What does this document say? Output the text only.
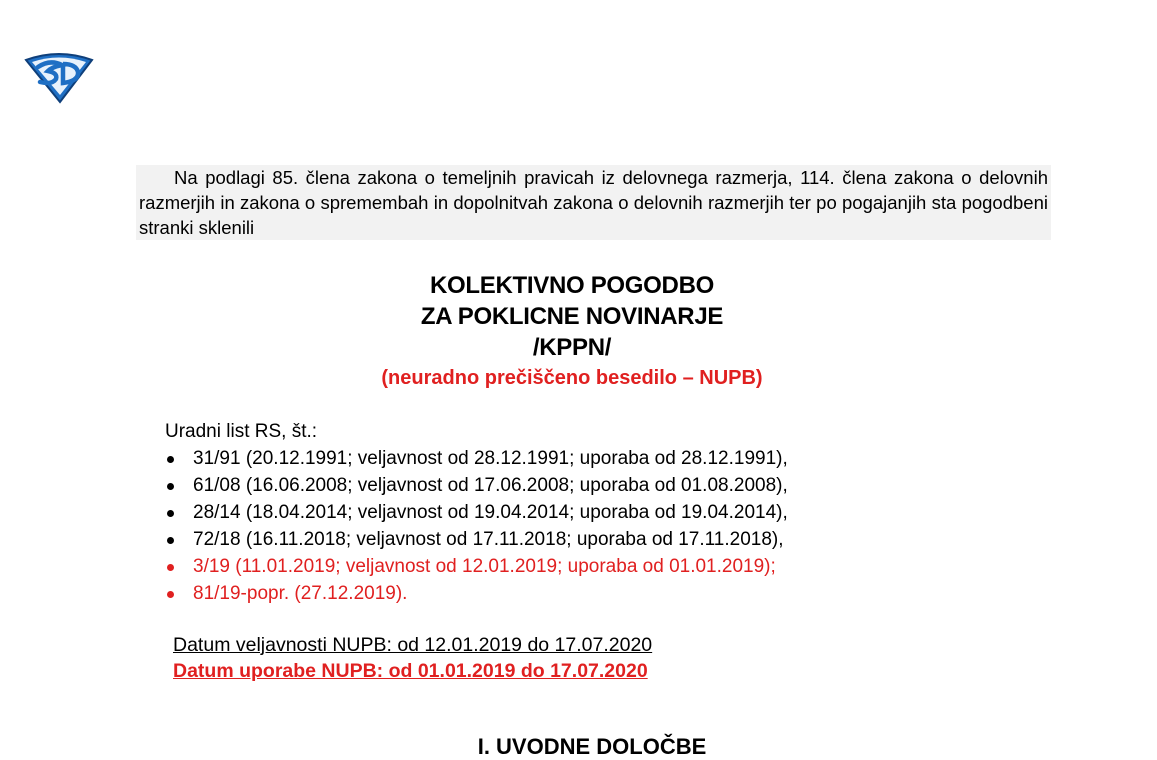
Na podlagi 85. člena zakona o temeljnih pravicah iz delovnega razmerja, 114. člena zakona o delovnih razmerjih in zakona o spremembah in dopolnitvah zakona o delovnih razmerjih ter po pogajanjih sta pogodbeni stranki sklenili
KOLEKTIVNO POGODBO
ZA POKLICNE NOVINARJE
/KPPN/
(neuradno prečiščeno besedilo – NUPB)
Uradni list RS, št.:
31/91 (20.12.1991; veljavnost od 28.12.1991; uporaba od 28.12.1991),
61/08 (16.06.2008; veljavnost od 17.06.2008; uporaba od 01.08.2008),
28/14 (18.04.2014; veljavnost od 19.04.2014; uporaba od 19.04.2014),
72/18 (16.11.2018; veljavnost od 17.11.2018; uporaba od 17.11.2018),
3/19 (11.01.2019; veljavnost od 12.01.2019; uporaba od 01.01.2019);
81/19-popr. (27.12.2019).
Datum veljavnosti NUPB: od 12.01.2019 do 17.07.2020
Datum uporabe NUPB: od 01.01.2019 do 17.07.2020
I. UVODNE DOLOČBE
